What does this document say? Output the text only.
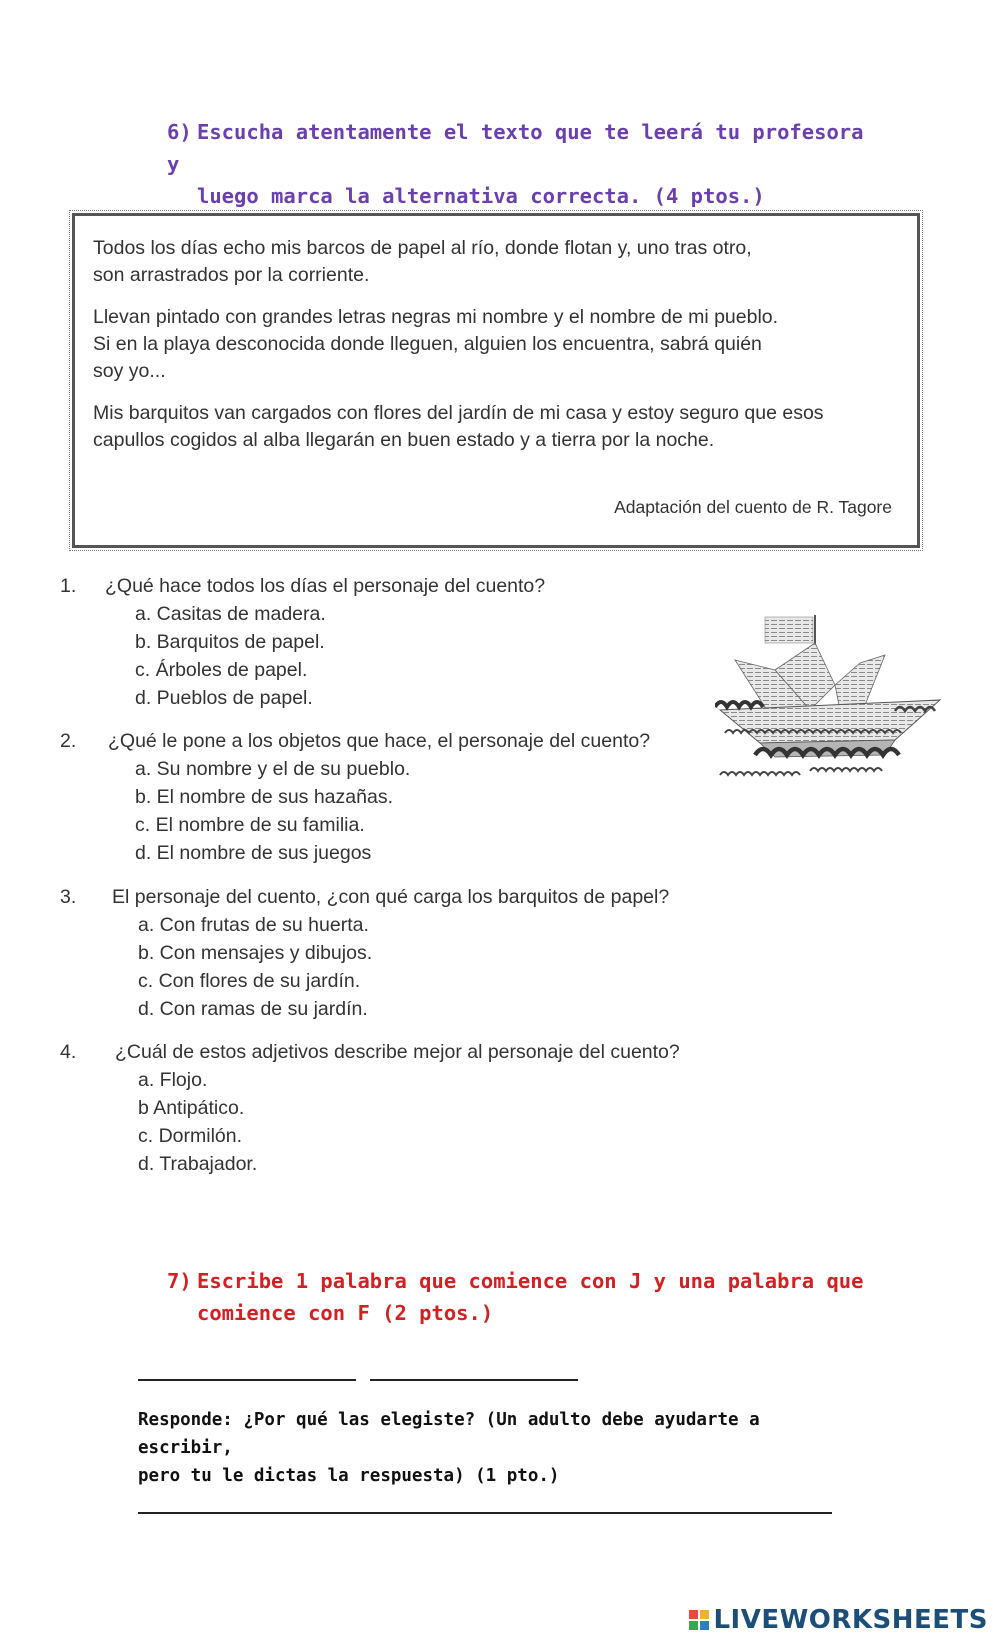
6) Escucha atentamente el texto que te leerá tu profesora y
luego marca la alternativa correcta. (4 ptos.)
Todos los días echo mis barcos de papel al río, donde flotan y, uno tras otro,
son arrastrados por la corriente.
Llevan pintado con grandes letras negras mi nombre y el nombre de mi pueblo.
Si en la playa desconocida donde lleguen, alguien los encuentra, sabrá quién
soy yo...
Mis barquitos van cargados con flores del jardín de mi casa y estoy seguro que esos
capullos cogidos al alba llegarán en buen estado y a tierra por la noche.
Adaptación del cuento de R. Tagore
1. ¿Qué hace todos los días el personaje del cuento?
a. Casitas de madera.
b. Barquitos de papel.
c. Árboles de papel.
d. Pueblos de papel.
2. ¿Qué le pone a los objetos que hace, el personaje del cuento?
a. Su nombre y el de su pueblo.
b. El nombre de sus hazañas.
c. El nombre de su familia.
d. El nombre de sus juegos
3. El personaje del cuento, ¿con qué carga los barquitos de papel?
a. Con frutas de su huerta.
b. Con mensajes y dibujos.
c. Con flores de su jardín.
d. Con ramas de su jardín.
4. ¿Cuál de estos adjetivos describe mejor al personaje del cuento?
a. Flojo.
b Antipático.
c. Dormilón.
d. Trabajador.
7) Escribe 1 palabra que comience con J y una palabra que
comience con F (2 ptos.)
Responde: ¿Por qué las elegiste? (Un adulto debe ayudarte a escribir,
pero tu le dictas la respuesta) (1 pto.)
LIVEWORKSHEETS
